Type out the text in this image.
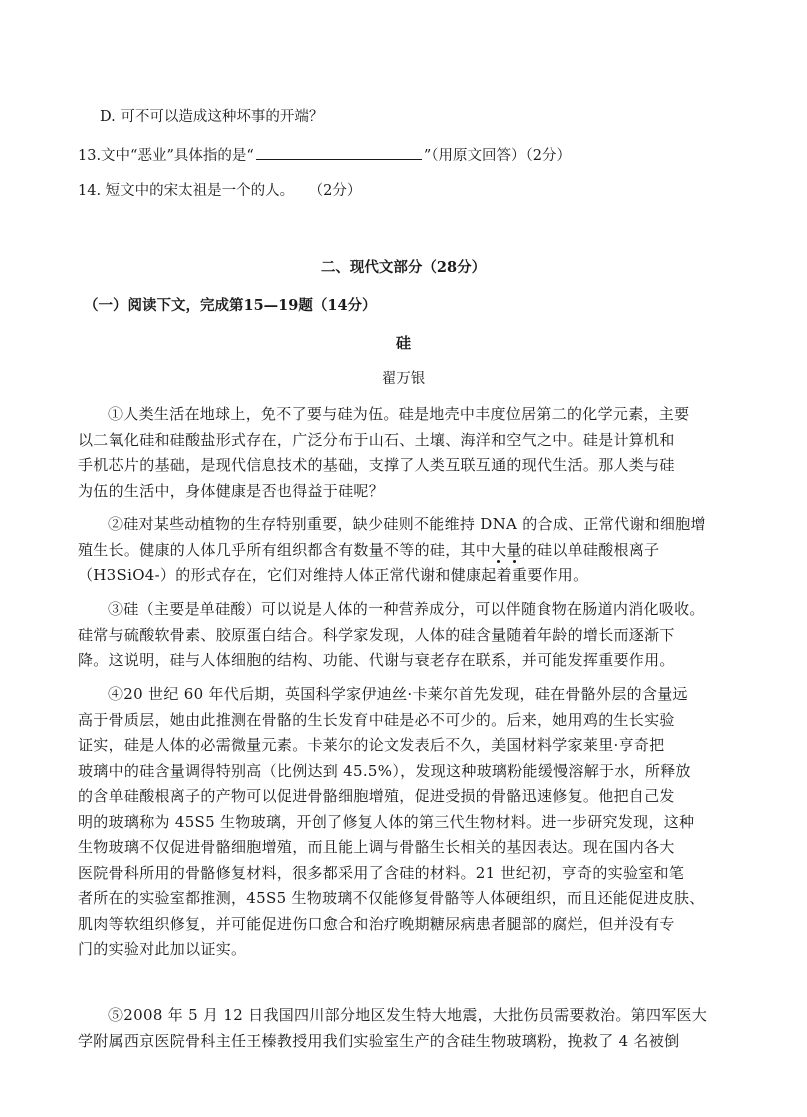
D. 可不可以造成这种坏事的开端？
13.文中“恶业”具体指的是“	”（用原文回答）（2分）
14. 短文中的宋太祖是一个的人。　　（2分）
二、现代文部分（28分）
（一）阅读下文，完成第15—19题（14分）
硅
翟万银
①人类生活在地球上，免不了要与硅为伍。硅是地壳中丰度位居第二的化学元素，主要
以二氧化硅和硅酸盐形式存在，广泛分布于山石、土壤、海洋和空气之中。硅是计算机和
手机芯片的基础，是现代信息技术的基础，支撑了人类互联互通的现代生活。那人类与硅
为伍的生活中，身体健康是否也得益于硅呢？
②硅对某些动植物的生存特别重要，缺少硅则不能维持 DNA 的合成、正常代谢和细胞增
殖生长。健康的人体几乎所有组织都含有数量不等的硅，其中大量的硅以单硅酸根离子
（H3SiO4-）的形式存在，它们对维持人体正常代谢和健康起着重要作用。
③硅（主要是单硅酸）可以说是人体的一种营养成分，可以伴随食物在肠道内消化吸收。
硅常与硫酸软骨素、胶原蛋白结合。科学家发现，人体的硅含量随着年龄的增长而逐渐下
降。这说明，硅与人体细胞的结构、功能、代谢与衰老存在联系，并可能发挥重要作用。
④20 世纪 60 年代后期，英国科学家伊迪丝·卡莱尔首先发现，硅在骨骼外层的含量远
高于骨质层，她由此推测在骨骼的生长发育中硅是必不可少的。后来，她用鸡的生长实验
证实，硅是人体的必需微量元素。卡莱尔的论文发表后不久，美国材料学家莱里·亨奇把
玻璃中的硅含量调得特别高（比例达到 45.5%），发现这种玻璃粉能缓慢溶解于水，所释放
的含单硅酸根离子的产物可以促进骨骼细胞增殖，促进受损的骨骼迅速修复。他把自己发
明的玻璃称为 45S5 生物玻璃，开创了修复人体的第三代生物材料。进一步研究发现，这种
生物玻璃不仅促进骨骼细胞增殖，而且能上调与骨骼生长相关的基因表达。现在国内各大
医院骨科所用的骨骼修复材料，很多都采用了含硅的材料。21 世纪初，亨奇的实验室和笔
者所在的实验室都推测，45S5 生物玻璃不仅能修复骨骼等人体硬组织，而且还能促进皮肤、
肌肉等软组织修复，并可能促进伤口愈合和治疗晚期糖尿病患者腿部的腐烂，但并没有专
门的实验对此加以证实。
⑤2008 年 5 月 12 日我国四川部分地区发生特大地震，大批伤员需要救治。第四军医大
学附属西京医院骨科主任王榛教授用我们实验室生产的含硅生物玻璃粉，挽救了 4 名被倒
